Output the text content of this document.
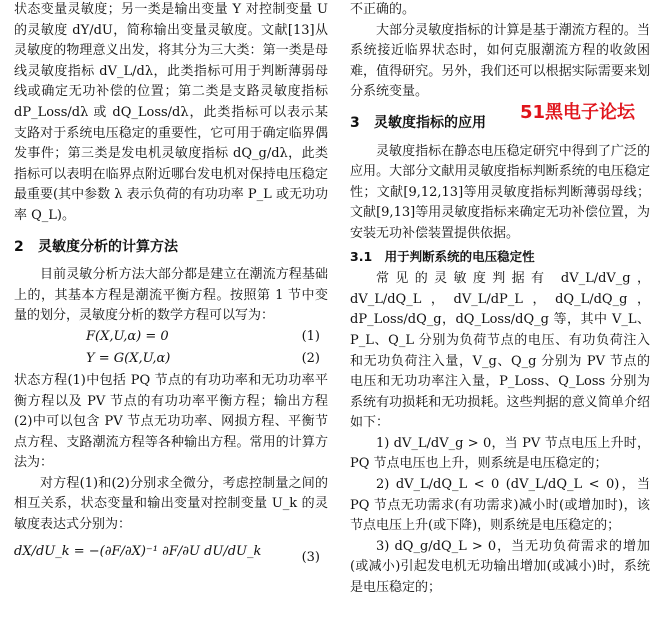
状态变量灵敏度；另一类是输出变量 Y 对控制变量 U 的灵敏度 dY/dU，简称输出变量灵敏度。文献[13]从灵敏度的物理意义出发，将其分为三大类：第一类是母线灵敏度指标 dV_L/dλ，此类指标可用于判断薄弱母线或确定无功补偿的位置；第二类是支路灵敏度指标 dP_Loss/dλ 或 dQ_Loss/dλ，此类指标可以表示某支路对于系统电压稳定的重要性，它可用于确定临界偶发事件；第三类是发电机灵敏度指标 dQ_g/dλ，此类指标可以表明在临界点附近哪台发电机对保持电压稳定最重要(其中参数 λ 表示负荷的有功功率 P_L 或无功功率 Q_L)。

2 灵敏度分析的计算方法

目前灵敏分析方法大部分都是建立在潮流方程基础上的，其基本方程是潮流平衡方程。按照第 1 节中变量的划分，灵敏度分析的数学方程可以写为：

F(X,U,α) = 0	(1)
Y = G(X,U,α)	(2)

状态方程(1)中包括 PQ 节点的有功功率和无功功率平衡方程以及 PV 节点的有功功率平衡方程；输出方程(2)中可以包含 PV 节点无功功率、网损方程、平衡节点方程、支路潮流方程等各种输出方程。常用的计算方法为：

对方程(1)和(2)分别求全微分，考虑控制量之间的相互关系，状态变量和输出变量对控制变量 U_k 的灵敏度表达式分别为：

dX/dU_k = −(∂F/∂X)⁻¹ ∂F/∂U dU/dU_k	(3)

不正确的。

大部分灵敏度指标的计算是基于潮流方程的。当系统接近临界状态时，如何克服潮流方程的收敛困难，值得研究。另外，我们还可以根据实际需要来划分系统变量。

3 灵敏度指标的应用

灵敏度指标在静态电压稳定研究中得到了广泛的应用。大部分文献用灵敏度指标判断系统的电压稳定性；文献[9,12,13]等用灵敏度指标判断薄弱母线；文献[9,13]等用灵敏度指标来确定无功补偿位置，为安装无功补偿装置提供依据。

3.1　用于判断系统的电压稳定性

常见的灵敏度判据有 dV_L/dV_g，dV_L/dQ_L，dV_L/dP_L，dQ_L/dQ_g，dP_Loss/dQ_g，dQ_Loss/dQ_g 等，其中 V_L、P_L、Q_L 分别为负荷节点的电压、有功负荷注入和无功负荷注入量，V_g、Q_g 分别为 PV 节点的电压和无功功率注入量，P_Loss、Q_Loss 分别为系统有功损耗和无功损耗。这些判据的意义简单介绍如下：

1) dV_L/dV_g > 0，当 PV 节点电压上升时，PQ 节点电压也上升，则系统是电压稳定的；

2) dV_L/dQ_L < 0 (dV_L/dQ_L < 0)，当 PQ 节点无功需求(有功需求)减小时(或增加时)，该节点电压上升(或下降)，则系统是电压稳定的；

3) dQ_g/dQ_L > 0，当无功负荷需求的增加(或减小)引起发电机无功输出增加(或减小)时，系统是电压稳定的；

51黑电子论坛
